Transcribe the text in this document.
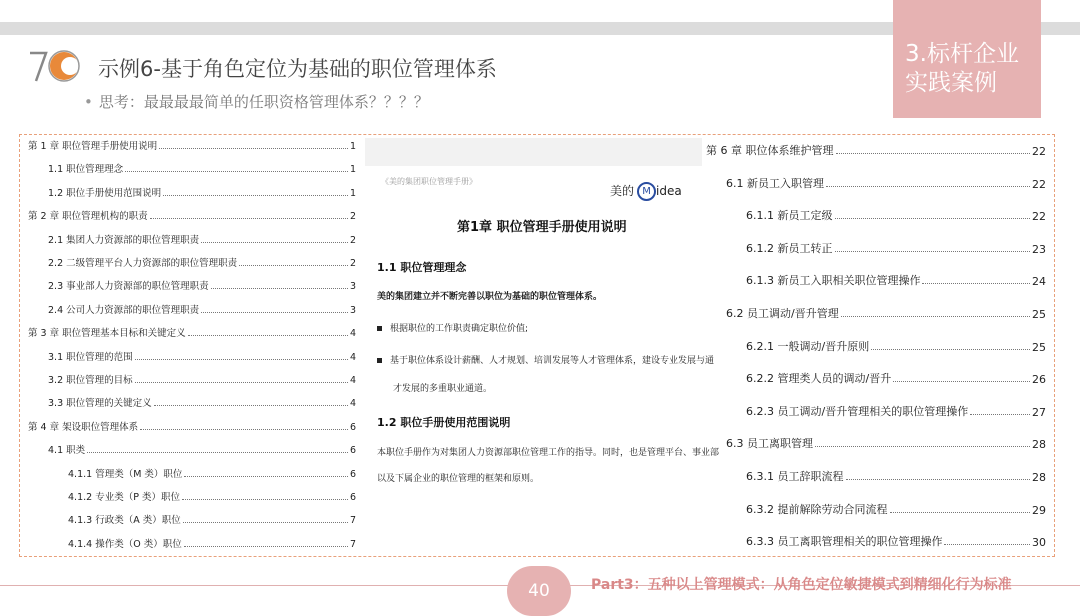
3.标杆企业
实践案例
示例6-基于角色定位为基础的职位管理体系
• 思考：最最最最简单的任职资格管理体系？？？？
第 1 章 职位管理手册使用说明	1
1.1 职位管理理念	1
1.2 职位手册使用范围说明	1
第 2 章 职位管理机构的职责	2
2.1 集团人力资源部的职位管理职责	2
2.2 二级管理平台人力资源部的职位管理职责	2
2.3 事业部人力资源部的职位管理职责	3
2.4 公司人力资源部的职位管理职责	3
第 3 章 职位管理基本目标和关键定义	4
3.1 职位管理的范围	4
3.2 职位管理的目标	4
3.3 职位管理的关键定义	4
第 4 章 架设职位管理体系	6
4.1 职类	6
4.1.1 管理类（M 类）职位	6
4.1.2 专业类（P 类）职位	6
4.1.3 行政类（A 类）职位	7
4.1.4 操作类（O 类）职位	7
《美的集团职位管理手册》
美的 M idea
第1章 职位管理手册使用说明
1.1 职位管理理念
美的集团建立并不断完善以职位为基础的职位管理体系。
根据职位的工作职责确定职位价值;
基于职位体系设计薪酬、人才规划、培训发展等人才管理体系，建设专业发展与通
才发展的多重职业通道。
1.2 职位手册使用范围说明
本职位手册作为对集团人力资源部职位管理工作的指导。同时，也是管理平台、事业部
以及下属企业的职位管理的框架和原则。
第 6 章 职位体系维护管理	22
6.1 新员工入职管理	22
6.1.1 新员工定级	22
6.1.2 新员工转正	23
6.1.3 新员工入职相关职位管理操作	24
6.2 员工调动/晋升管理	25
6.2.1 一般调动/晋升原则	25
6.2.2 管理类人员的调动/晋升	26
6.2.3 员工调动/晋升管理相关的职位管理操作	27
6.3 员工离职管理	28
6.3.1 员工辞职流程	28
6.3.2 提前解除劳动合同流程	29
6.3.3 员工离职管理相关的职位管理操作	30
40	Part3：五种以上管理模式：从角色定位敏捷模式到精细化行为标准
